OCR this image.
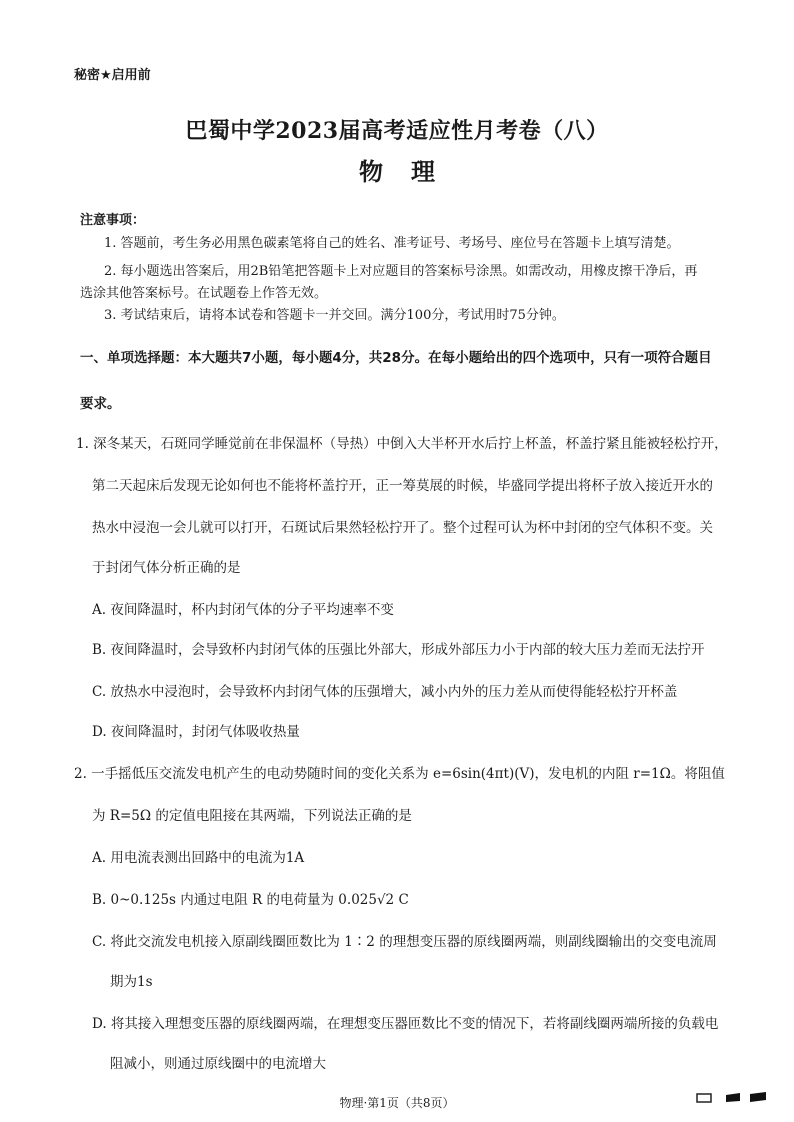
秘密★启用前
巴蜀中学2023届高考适应性月考卷（八）
物理
注意事项：
1. 答题前，考生务必用黑色碳素笔将自己的姓名、准考证号、考场号、座位号在答题卡上填写清楚。
2. 每小题选出答案后，用2B铅笔把答题卡上对应题目的答案标号涂黑。如需改动，用橡皮擦干净后，再
选涂其他答案标号。在试题卷上作答无效。
3. 考试结束后，请将本试卷和答题卡一并交回。满分100分，考试用时75分钟。
一、单项选择题：本大题共7小题，每小题4分，共28分。在每小题给出的四个选项中，只有一项符合题目
要求。
1. 深冬某天，石斑同学睡觉前在非保温杯（导热）中倒入大半杯开水后拧上杯盖，杯盖拧紧且能被轻松拧开，
第二天起床后发现无论如何也不能将杯盖拧开，正一筹莫展的时候，毕盛同学提出将杯子放入接近开水的
热水中浸泡一会儿就可以打开，石斑试后果然轻松拧开了。整个过程可认为杯中封闭的空气体积不变。关
于封闭气体分析正确的是
A. 夜间降温时，杯内封闭气体的分子平均速率不变
B. 夜间降温时，会导致杯内封闭气体的压强比外部大，形成外部压力小于内部的较大压力差而无法拧开
C. 放热水中浸泡时，会导致杯内封闭气体的压强增大，减小内外的压力差从而使得能轻松拧开杯盖
D. 夜间降温时，封闭气体吸收热量
2. 一手摇低压交流发电机产生的电动势随时间的变化关系为 e=6sin(4πt)(V)，发电机的内阻 r=1Ω。将阻值
为 R=5Ω 的定值电阻接在其两端，下列说法正确的是
A. 用电流表测出回路中的电流为1A
B. 0~0.125s 内通过电阻 R 的电荷量为 0.025√2 C
C. 将此交流发电机接入原副线圈匝数比为 1∶2 的理想变压器的原线圈两端，则副线圈输出的交变电流周
期为1s
D. 将其接入理想变压器的原线圈两端，在理想变压器匝数比不变的情况下，若将副线圈两端所接的负载电
阻减小，则通过原线圈中的电流增大
物理·第1页（共8页）
